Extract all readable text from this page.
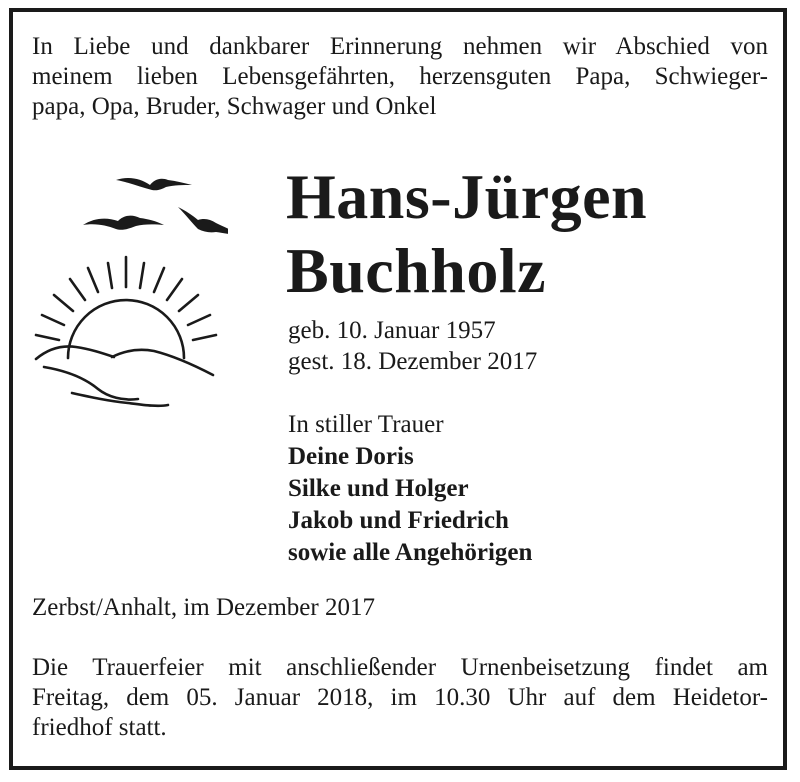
In Liebe und dankbarer Erinnerung nehmen wir Abschied von
meinem lieben Lebensgefährten, herzensguten Papa, Schwieger-
papa, Opa, Bruder, Schwager und Onkel
Hans-Jürgen
Buchholz
geb. 10. Januar 1957
gest. 18. Dezember 2017
In stiller Trauer
Deine Doris
Silke und Holger
Jakob und Friedrich
sowie alle Angehörigen
Zerbst/Anhalt, im Dezember 2017
Die Trauerfeier mit anschließender Urnenbeisetzung findet am
Freitag, dem 05. Januar 2018, im 10.30 Uhr auf dem Heidetor-
friedhof statt.
